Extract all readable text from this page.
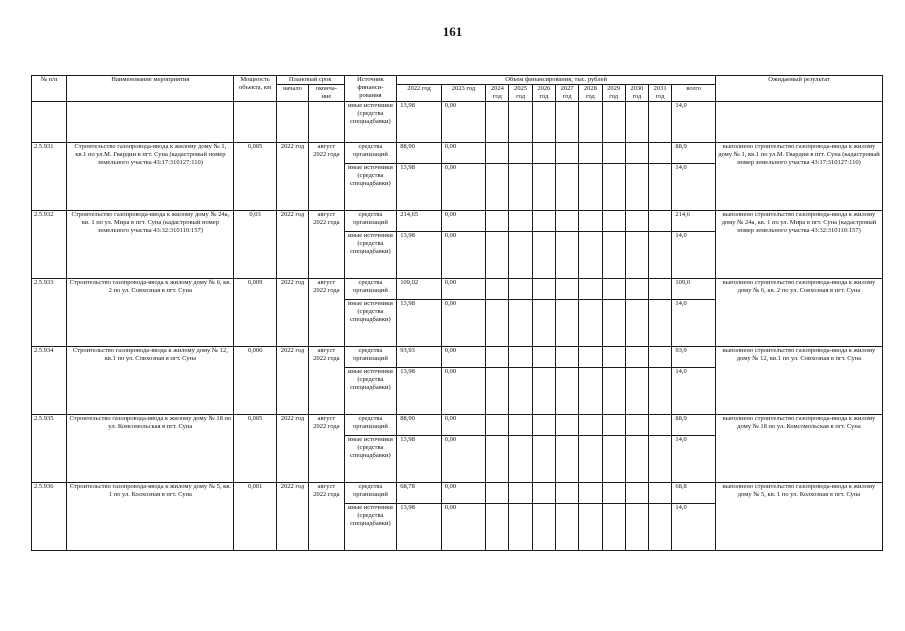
161
№ п/п	Наименование мероприятия	Мощность объекта, км	Плановый срок		Источник финанси-рования	Объем финансирования, тыс. рублей											Ожидаемый результат
			начало	оконча-ние		2022 год	2023 год	2024 год	2025 год	2026 год	2027 год	2028 год	2029 год	2030 год	2031 год	всего	

					иные источники (средства спецнадбавки)	13,98	0,00									14,0	
2.5.931	Строительство газопровода-ввода к жилому дому № 1, кв.1 по ул.М. Гвардии в пгт. Суна (кадастровый номер земельного участка 43:17:310127:110)	0,005	2022 год	август 2022 года	средства организаций	88,90	0,00									88,9	выполнено строительство газопровода-ввода к жилому дому № 1, кв.1 по ул.М. Гвардии в пгт. Суна (кадастровый номер земельного участка 43:17:310127:110)
					иные источники (средства спецнадбавки)	13,98	0,00									14,0	
2.5.932	Строительство газопровода-ввода к жилому дому № 24а, кв. 1 по ул. Мира в пгт. Суна (кадастровый номер земельного участка 43:32:310110:157)	0,03	2022 год	август 2022 года	средства организаций	214,65	0,00									214,6	выполнено строительство газопровода-ввода к жилому дому № 24а, кв. 1 по ул. Мира в пгт. Суна (кадастровый номер земельного участка 43:32:310110:157)
					иные источники (средства спецнадбавки)	13,98	0,00									14,0	
2.5.933	Строительство газопровода-ввода к жилому дому № 6, кв. 2 по ул. Совхозная в пгт. Суна	0,009	2022 год	август 2022 года	средства организаций	109,02	0,00									109,0	выполнено строительство газопровода-ввода к жилому дому № 6, кв. 2 по ул. Совхозная в пгт. Суна
					иные источники (средства спецнадбавки)	13,98	0,00									14,0	
2.5.934	Строительство газопровода-ввода к жилому дому № 12, кв.1 по ул. Совхозная в пгт. Суна	0,006	2022 год	август 2022 года	средства организаций	93,93	0,00									93,9	выполнено строительство газопровода-ввода к жилому дому № 12, кв.1 по ул. Совхозная в пгт. Суна
					иные источники (средства спецнадбавки)	13,98	0,00									14,0	
2.5.935	Строительство газопровода-ввода к жилому дому № 18 по ул. Комсомольская в пгт. Суна	0,005	2022 год	август 2022 года	средства организаций	88,90	0,00									88,9	выполнено строительство газопровода-ввода к жилому дому № 18 по ул. Комсомольская в пгт. Суна
					иные источники (средства спецнадбавки)	13,98	0,00									14,0	
2.5.936	Строительство газопровода-ввода к жилому дому № 5, кв. 1 по ул. Колхозная в пгт. Суна	0,001	2022 год	август 2022 года	средства организаций	68,78	0,00									68,8	выполнено строительство газопровода-ввода к жилому дому № 5, кв. 1 по ул. Колхозная в пгт. Суна
					иные источники (средства спецнадбавки)	13,98	0,00									14,0	
